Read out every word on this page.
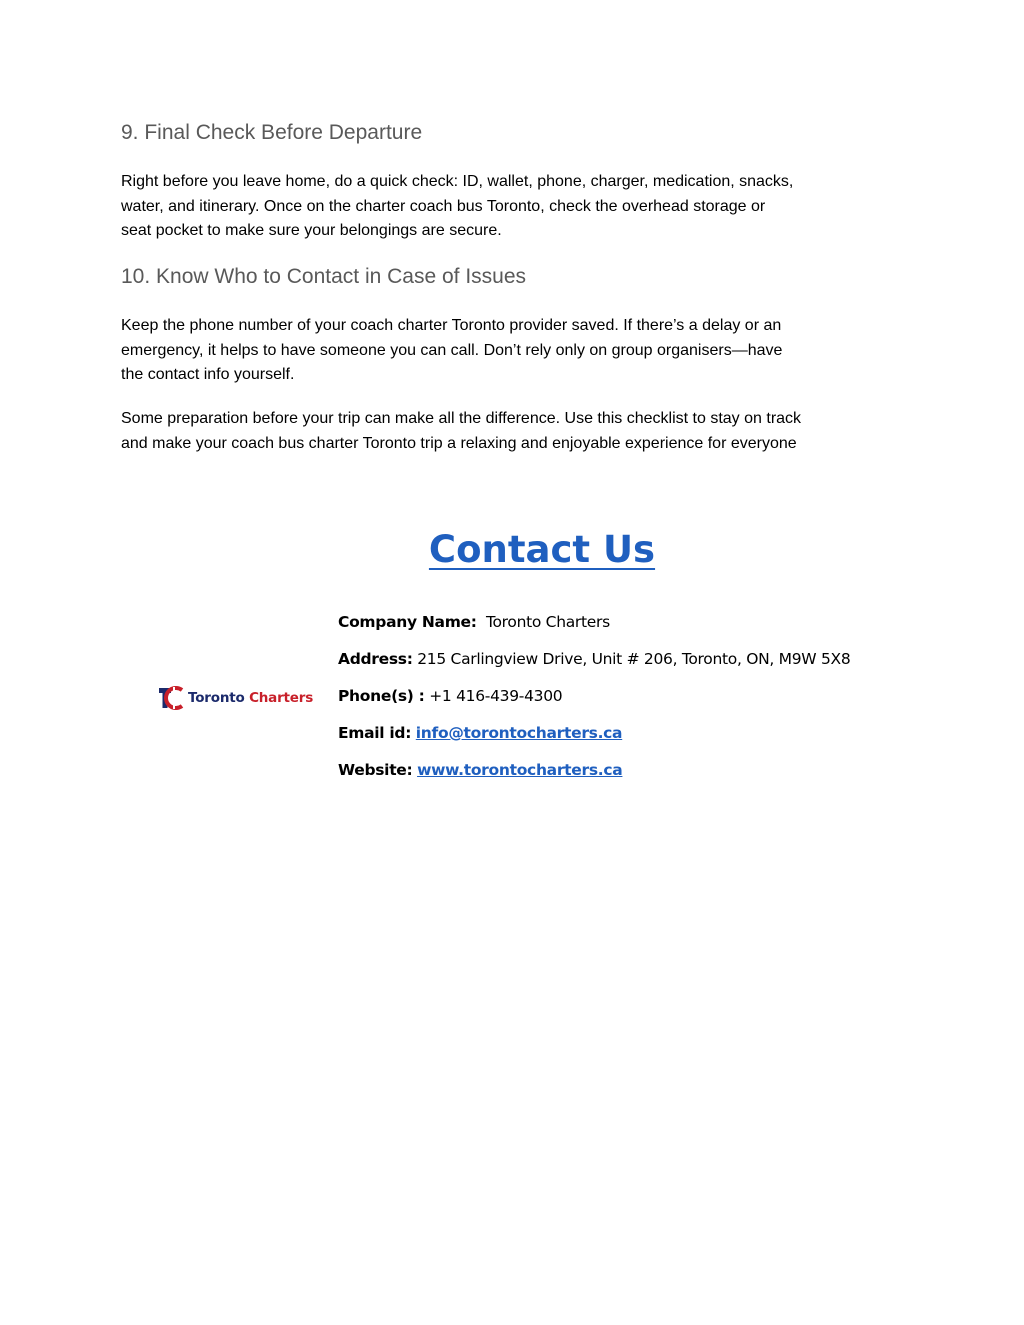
9. Final Check Before Departure

Right before you leave home, do a quick check: ID, wallet, phone, charger, medication, snacks,
water, and itinerary. Once on the charter coach bus Toronto, check the overhead storage or
seat pocket to make sure your belongings are secure.

10. Know Who to Contact in Case of Issues

Keep the phone number of your coach charter Toronto provider saved. If there’s a delay or an
emergency, it helps to have someone you can call. Don’t rely only on group organisers—have
the contact info yourself.

Some preparation before your trip can make all the difference. Use this checklist to stay on track
and make your coach bus charter Toronto trip a relaxing and enjoyable experience for everyone

Contact Us
Toronto Charters
Company Name: Toronto Charters
Address: 215 Carlingview Drive, Unit # 206, Toronto, ON, M9W 5X8
Phone(s) : +1 416-439-4300
Email id: info@torontocharters.ca
Website: www.torontocharters.ca
